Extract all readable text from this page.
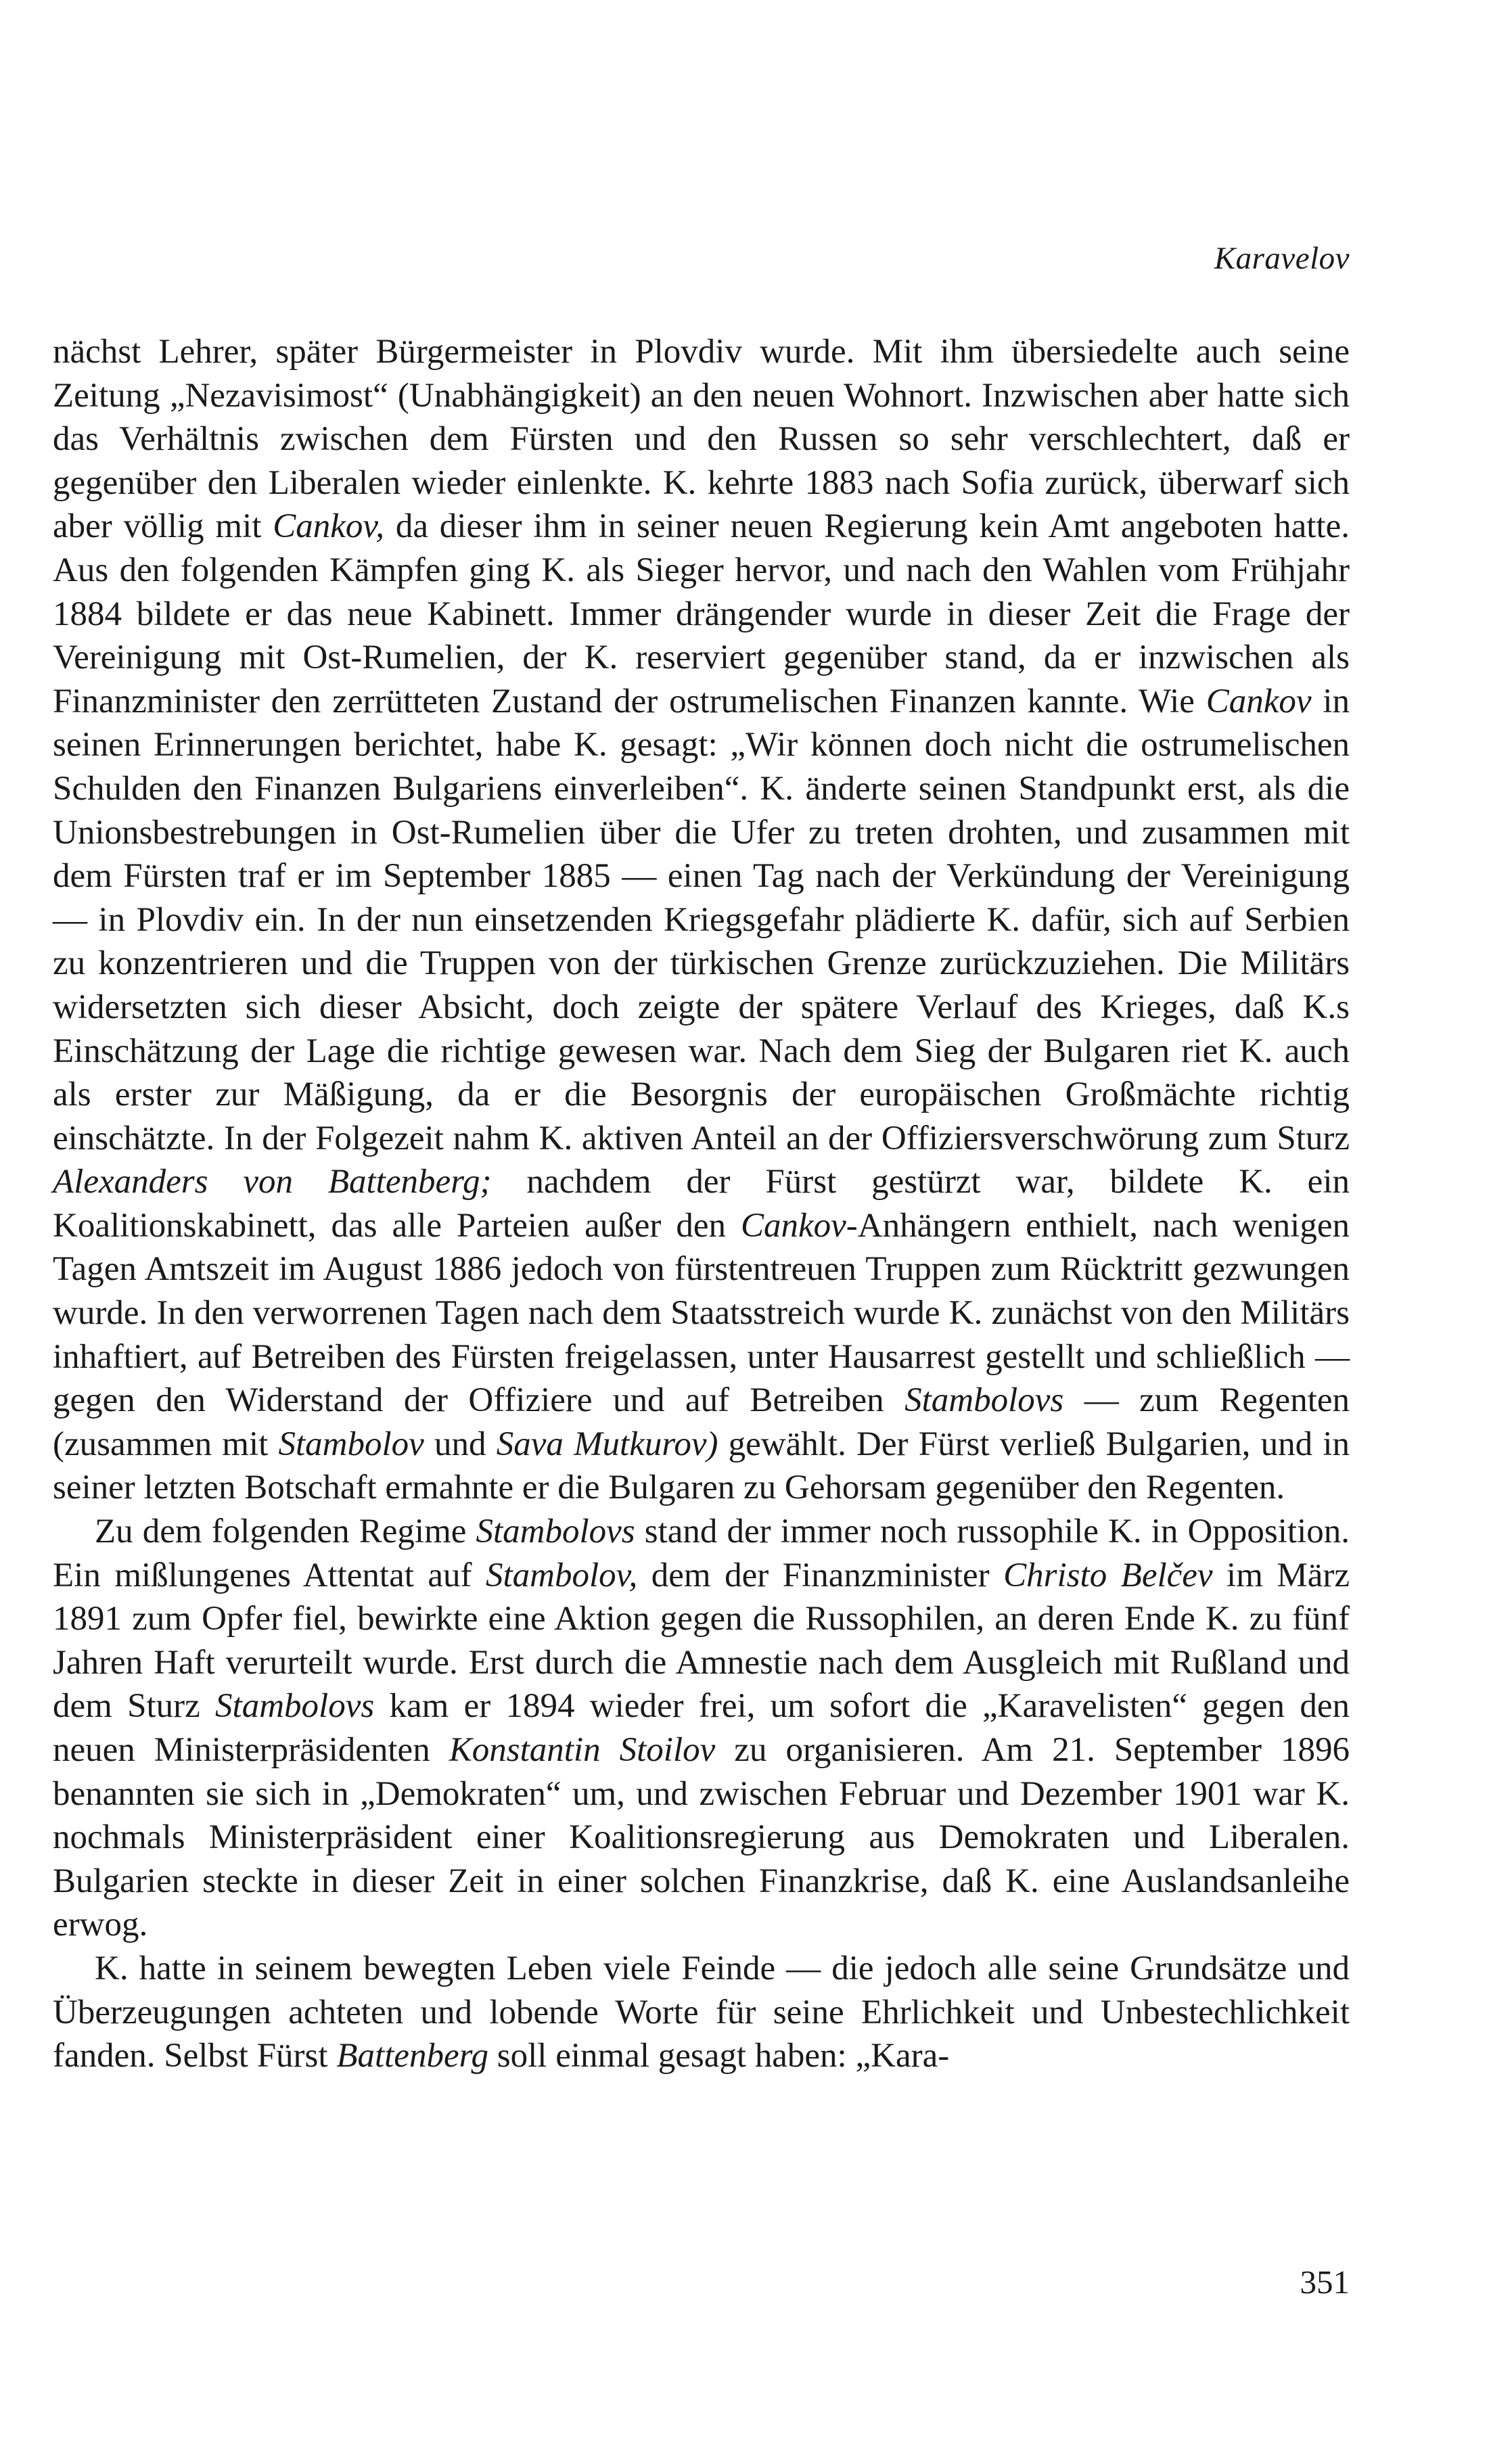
Karavelov

nächst Lehrer, später Bürgermeister in Plovdiv wurde. Mit ihm übersiedelte auch seine Zeitung „Nezavisimost“ (Unabhängigkeit) an den neuen Wohnort. Inzwischen aber hatte sich das Verhältnis zwischen dem Fürsten und den Russen so sehr verschlechtert, daß er gegenüber den Liberalen wieder einlenkte. K. kehrte 1883 nach Sofia zurück, überwarf sich aber völlig mit Cankov, da dieser ihm in seiner neuen Regierung kein Amt angeboten hatte. Aus den folgenden Kämpfen ging K. als Sieger hervor, und nach den Wahlen vom Frühjahr 1884 bildete er das neue Kabinett. Immer drängender wurde in dieser Zeit die Frage der Vereinigung mit Ost-Rumelien, der K. reserviert gegenüber stand, da er inzwischen als Finanzminister den zerrütteten Zustand der ostrumelischen Finanzen kannte. Wie Cankov in seinen Erinnerungen berichtet, habe K. gesagt: „Wir können doch nicht die ostrumelischen Schulden den Finanzen Bulgariens einverleiben“. K. änderte seinen Standpunkt erst, als die Unionsbestrebungen in Ost-Rumelien über die Ufer zu treten drohten, und zusammen mit dem Fürsten traf er im September 1885 — einen Tag nach der Verkündung der Vereinigung — in Plovdiv ein. In der nun einsetzenden Kriegsgefahr plädierte K. dafür, sich auf Serbien zu konzentrieren und die Truppen von der türkischen Grenze zurückzuziehen. Die Militärs widersetzten sich dieser Absicht, doch zeigte der spätere Verlauf des Krieges, daß K.s Einschätzung der Lage die richtige gewesen war. Nach dem Sieg der Bulgaren riet K. auch als erster zur Mäßigung, da er die Besorgnis der europäischen Großmächte richtig einschätzte. In der Folgezeit nahm K. aktiven Anteil an der Offiziersverschwörung zum Sturz Alexanders von Battenberg; nachdem der Fürst gestürzt war, bildete K. ein Koalitionskabinett, das alle Parteien außer den Cankov-Anhängern enthielt, nach wenigen Tagen Amtszeit im August 1886 jedoch von fürstentreuen Truppen zum Rücktritt gezwungen wurde. In den verworrenen Tagen nach dem Staatsstreich wurde K. zunächst von den Militärs inhaftiert, auf Betreiben des Fürsten freigelassen, unter Hausarrest gestellt und schließlich — gegen den Widerstand der Offiziere und auf Betreiben Stambolovs — zum Regenten (zusammen mit Stambolov und Sava Mutkurov) gewählt. Der Fürst verließ Bulgarien, und in seiner letzten Botschaft ermahnte er die Bulgaren zu Gehorsam gegenüber den Regenten.

Zu dem folgenden Regime Stambolovs stand der immer noch russophile K. in Opposition. Ein mißlungenes Attentat auf Stambolov, dem der Finanzminister Christo Belčev im März 1891 zum Opfer fiel, bewirkte eine Aktion gegen die Russophilen, an deren Ende K. zu fünf Jahren Haft verurteilt wurde. Erst durch die Amnestie nach dem Ausgleich mit Rußland und dem Sturz Stambolovs kam er 1894 wieder frei, um sofort die „Karavelisten“ gegen den neuen Ministerpräsidenten Konstantin Stoilov zu organisieren. Am 21. September 1896 benannten sie sich in „Demokraten“ um, und zwischen Februar und Dezember 1901 war K. nochmals Ministerpräsident einer Koalitionsregierung aus Demokraten und Liberalen. Bulgarien steckte in dieser Zeit in einer solchen Finanzkrise, daß K. eine Auslandsanleihe erwog.

K. hatte in seinem bewegten Leben viele Feinde — die jedoch alle seine Grundsätze und Überzeugungen achteten und lobende Worte für seine Ehrlichkeit und Unbestechlichkeit fanden. Selbst Fürst Battenberg soll einmal gesagt haben: „Kara-

351
